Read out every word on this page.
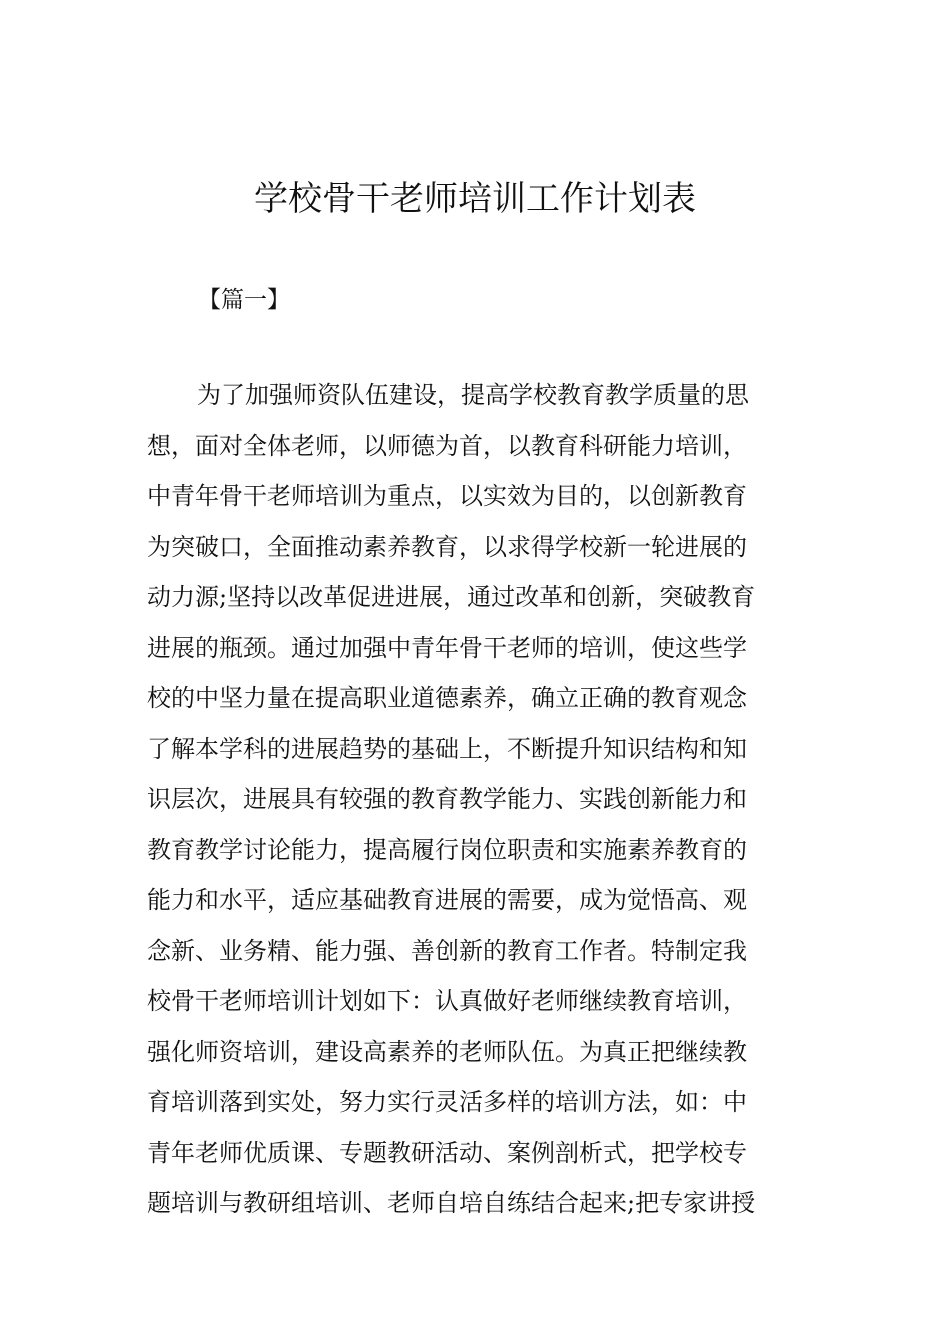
学校骨干老师培训工作计划表

【篇一】

为了加强师资队伍建设，提高学校教育教学质量的思
想，面对全体老师，以师德为首，以教育科研能力培训，
中青年骨干老师培训为重点，以实效为目的，以创新教育
为突破口，全面推动素养教育，以求得学校新一轮进展的
动力源;坚持以改革促进进展，通过改革和创新，突破教育
进展的瓶颈。通过加强中青年骨干老师的培训，使这些学
校的中坚力量在提高职业道德素养，确立正确的教育观念
了解本学科的进展趋势的基础上，不断提升知识结构和知
识层次，进展具有较强的教育教学能力、实践创新能力和
教育教学讨论能力，提高履行岗位职责和实施素养教育的
能力和水平，适应基础教育进展的需要，成为觉悟高、观
念新、业务精、能力强、善创新的教育工作者。特制定我
校骨干老师培训计划如下：认真做好老师继续教育培训，
强化师资培训，建设高素养的老师队伍。为真正把继续教
育培训落到实处，努力实行灵活多样的培训方法，如：中
青年老师优质课、专题教研活动、案例剖析式，把学校专
题培训与教研组培训、老师自培自练结合起来;把专家讲授
